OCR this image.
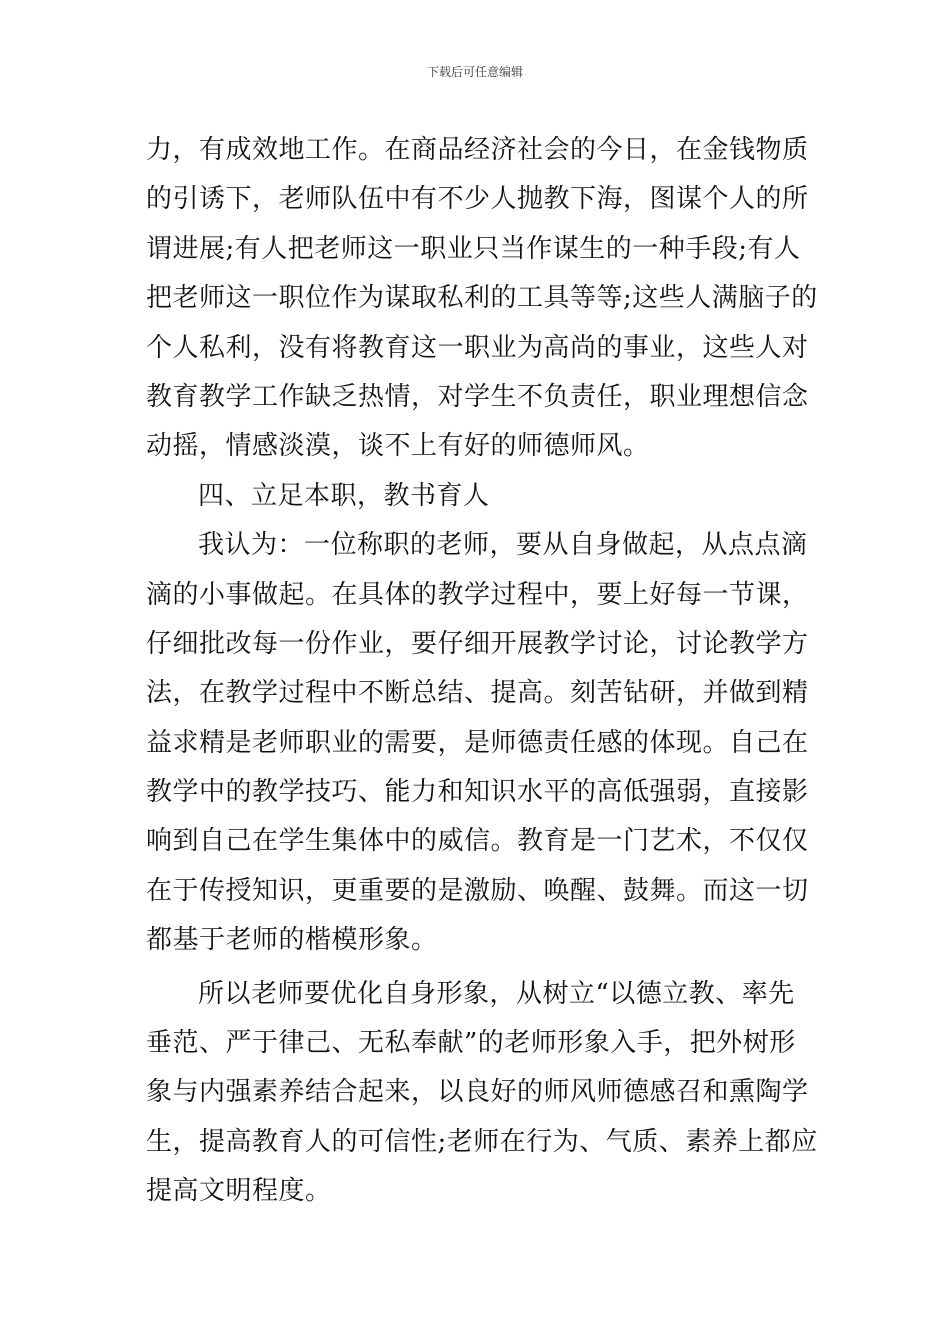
下载后可任意编辑
力，有成效地工作。在商品经济社会的今日，在金钱物质
的引诱下，老师队伍中有不少人抛教下海，图谋个人的所
谓进展;有人把老师这一职业只当作谋生的一种手段;有人
把老师这一职位作为谋取私利的工具等等;这些人满脑子的
个人私利，没有将教育这一职业为高尚的事业，这些人对
教育教学工作缺乏热情，对学生不负责任，职业理想信念
动摇，情感淡漠，谈不上有好的师德师风。
四、立足本职，教书育人
我认为：一位称职的老师，要从自身做起，从点点滴
滴的小事做起。在具体的教学过程中，要上好每一节课，
仔细批改每一份作业，要仔细开展教学讨论，讨论教学方
法，在教学过程中不断总结、提高。刻苦钻研，并做到精
益求精是老师职业的需要，是师德责任感的体现。自己在
教学中的教学技巧、能力和知识水平的高低强弱，直接影
响到自己在学生集体中的威信。教育是一门艺术，不仅仅
在于传授知识，更重要的是激励、唤醒、鼓舞。而这一切
都基于老师的楷模形象。
所以老师要优化自身形象，从树立“以德立教、率先
垂范、严于律己、无私奉献”的老师形象入手，把外树形
象与内强素养结合起来，以良好的师风师德感召和熏陶学
生，提高教育人的可信性;老师在行为、气质、素养上都应
提高文明程度。
